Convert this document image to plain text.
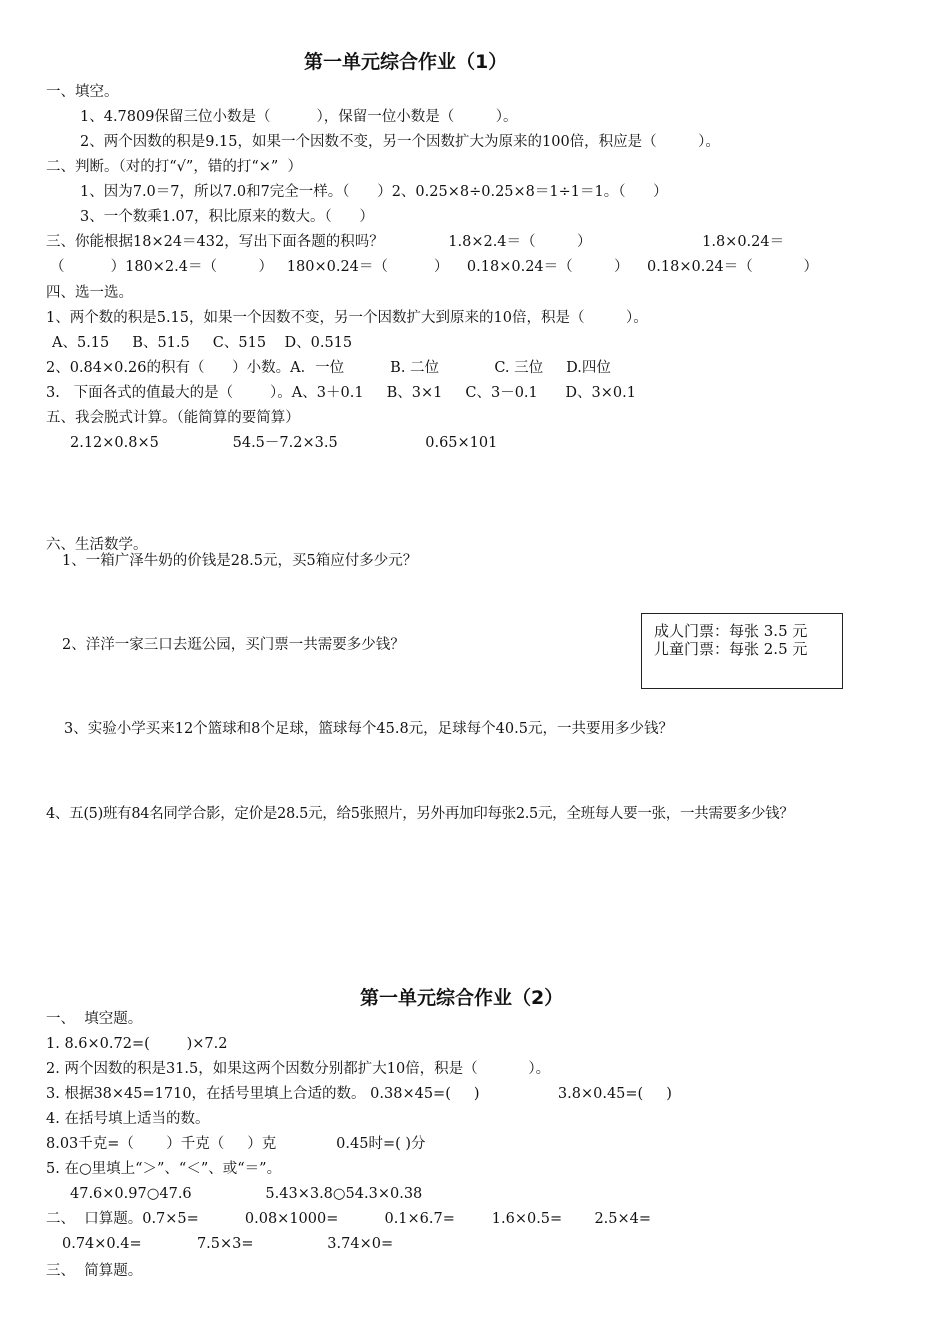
第一单元综合作业（1）
一、填空。
1、4.7809保留三位小数是（          ），保留一位小数是（         ）。
2、两个因数的积是9.15，如果一个因数不变，另一个因数扩大为原来的100倍，积应是（         ）。
二、判断。（对的打“√”，错的打“×”  ）
1、因为7.0＝7，所以7.0和7完全一样。（      ）2、0.25×8÷0.25×8＝1÷1＝1。（      ）
3、一个数乘1.07，积比原来的数大。（      ）
三、你能根据18×24＝432，写出下面各题的积吗？              1.8×2.4＝（         ）                        1.8×0.24＝
（          ）180×2.4＝（         ）   180×0.24＝（          ）    0.18×0.24＝（         ）    0.18×0.24＝（           ）
四、选一选。
1、两个数的积是5.15，如果一个因数不变，另一个因数扩大到原来的10倍，积是（         ）。
A、5.15     B、51.5     C、515    D、0.515
2、0.84×0.26的积有（      ）小数。A．一位          B. 二位            C. 三位     D.四位
3.   下面各式的值最大的是（        ）。A、3＋0.1     B、3×1     C、3－0.1      D、3×0.1
五、我会脱式计算。（能简算的要简算）
2.12×0.8×5                54.5－7.2×3.5                   0.65×101
六、生活数学。
1、一箱广泽牛奶的价钱是28.5元，买5箱应付多少元？
2、洋洋一家三口去逛公园，买门票一共需要多少钱？
成人门票：每张 3.5 元
儿童门票：每张 2.5 元
3、实验小学买来12个篮球和8个足球，篮球每个45.8元，足球每个40.5元，一共要用多少钱？
4、五(5)班有84名同学合影，定价是28.5元，给5张照片，另外再加印每张2.5元，全班每人要一张，一共需要多少钱？
第一单元综合作业（2）
一、  填空题。
1. 8.6×0.72=(        )×7.2
2. 两个因数的积是31.5，如果这两个因数分别都扩大10倍，积是（           ）。
3. 根据38×45=1710，在括号里填上合适的数。 0.38×45=(     )                 3.8×0.45=(     )
4. 在括号填上适当的数。
8.03千克=（       ）千克（     ）克             0.45时=( )分
5. 在○里填上“＞”、“＜”、或“＝”。
47.6×0.97○47.6                5.43×3.8○54.3×0.38
二、  口算题。0.7×5=          0.08×1000=          0.1×6.7=        1.6×0.5=       2.5×4=
0.74×0.4=            7.5×3=                3.74×0=
三、  简算题。
